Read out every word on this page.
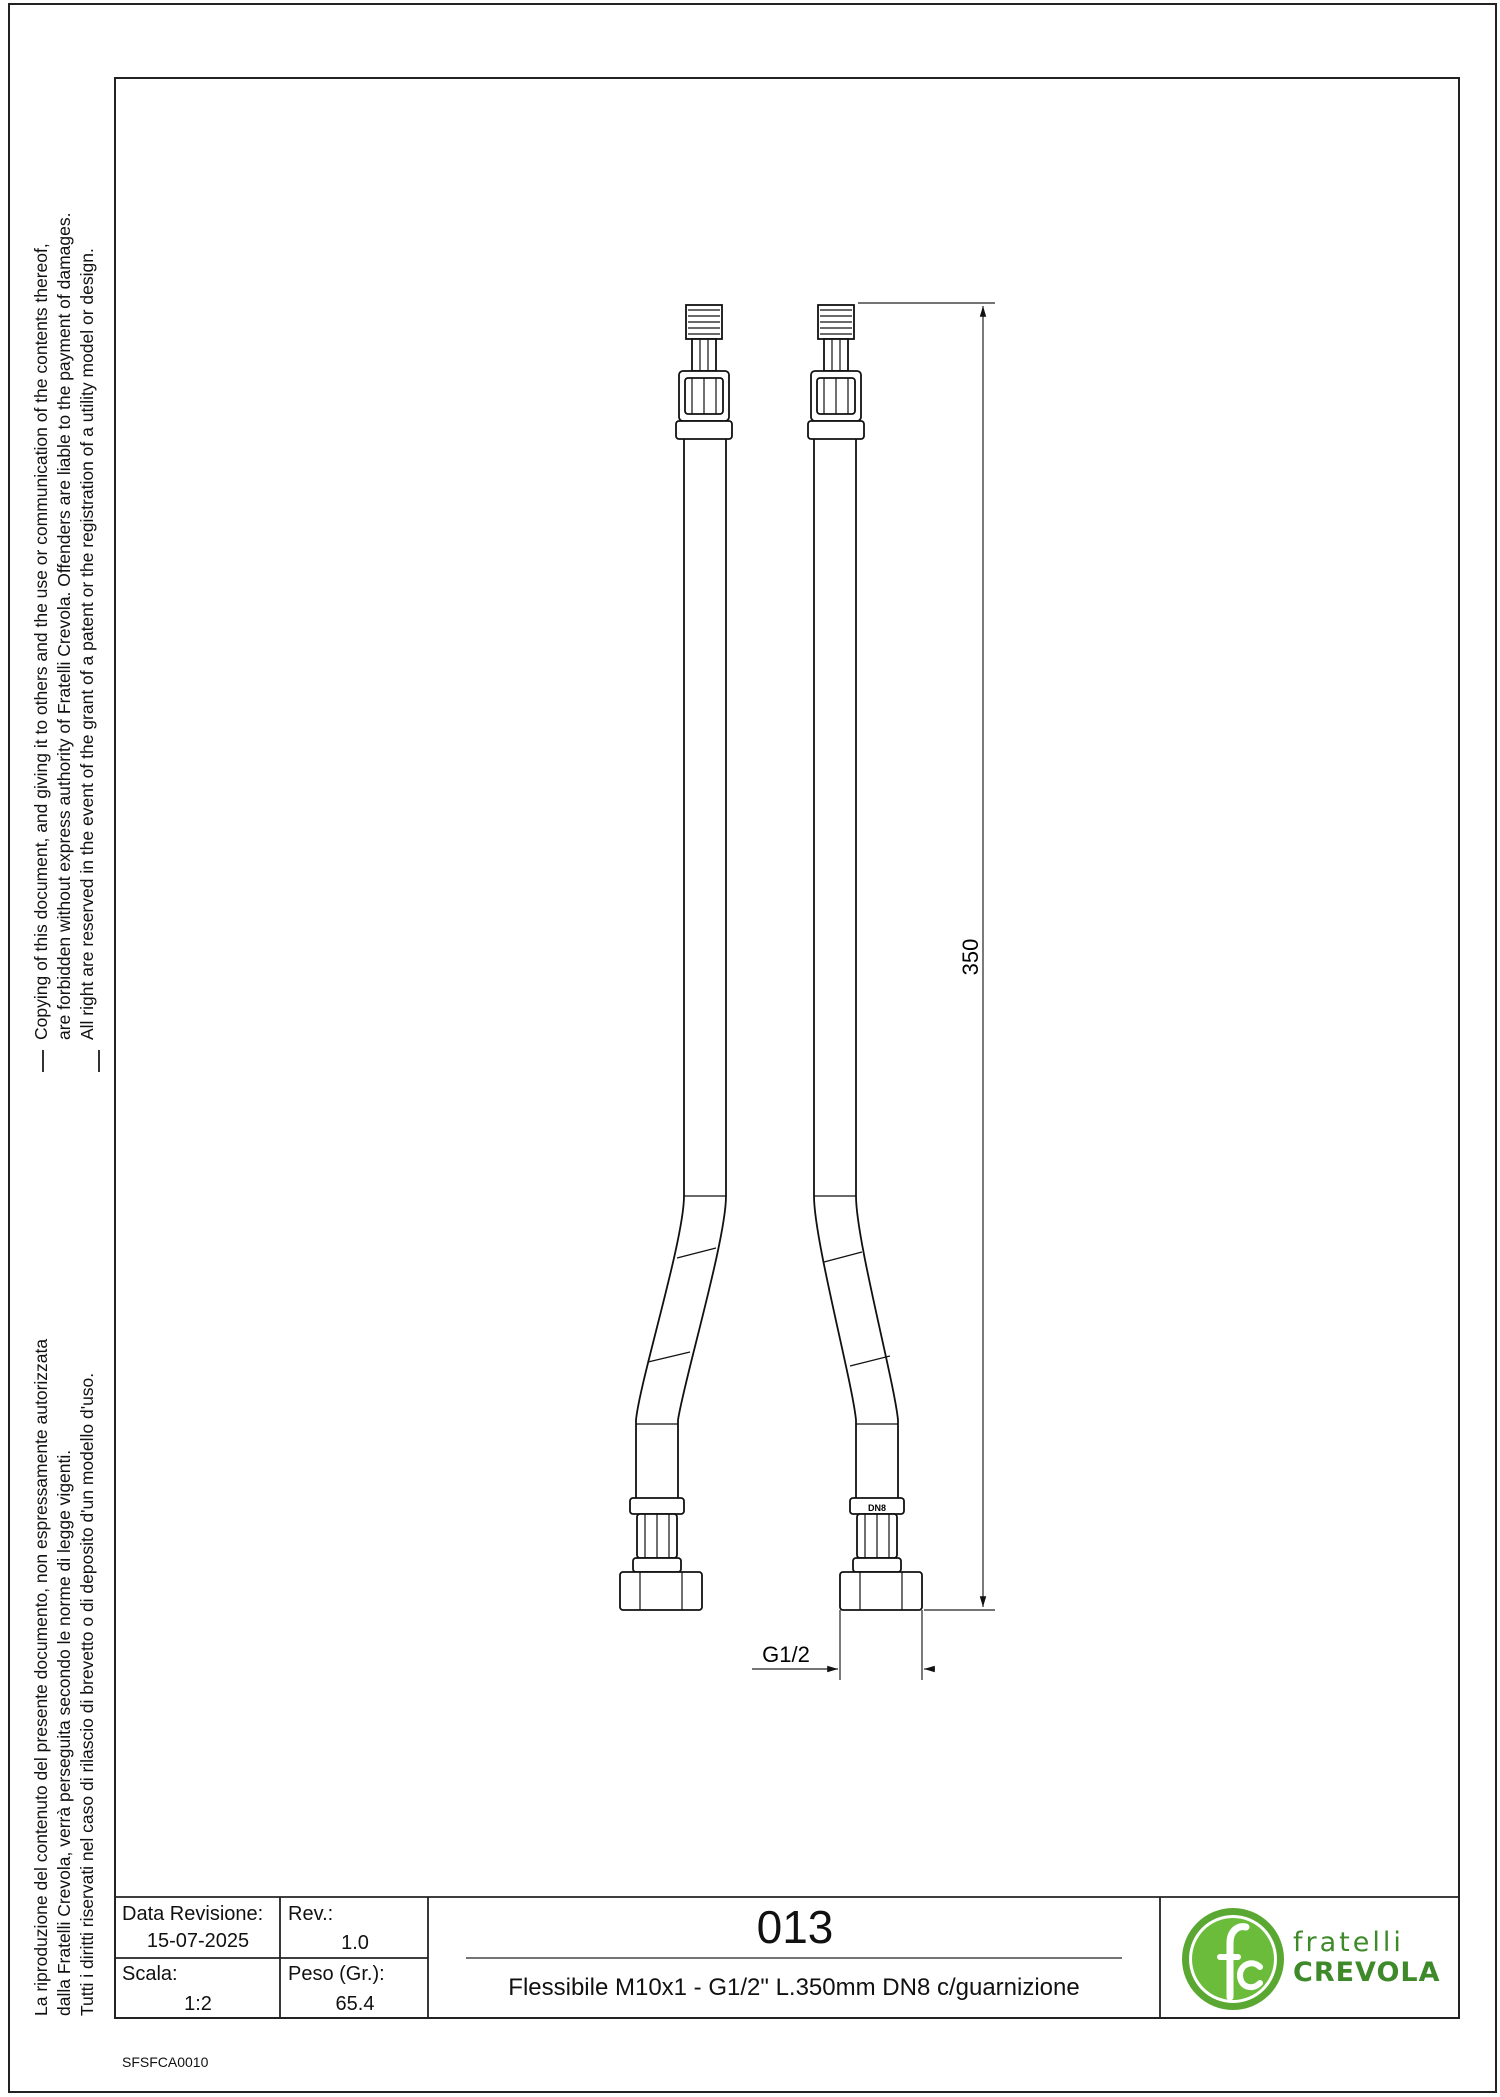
Copying of this document, and giving it to others and the use or communication of the contents thereof, are forbidden without express authority of Fratelli Crevola. Offenders are liable to the payment of damages. All right are reserved in the event of the grant of a patent or the registration of a utility model or design.
La riproduzione del contenuto del presente documento, non espressamente autorizzata dalla Fratelli Crevola, verrà perseguita secondo le norme di legge vigenti. Tutti i diritti riservati nel caso di rilascio di brevetto o di deposito d'un modello d'uso.	DN8
350
G1/2
Data Revisione:
15-07-2025
Rev.:
1.0
Scala:
1:2
Peso (Gr.):
65.4
013
Flessibile M10x1 - G1/2" L.350mm DN8 c/guarnizione
fratelli
CREVOLA
SFSFCA0010
